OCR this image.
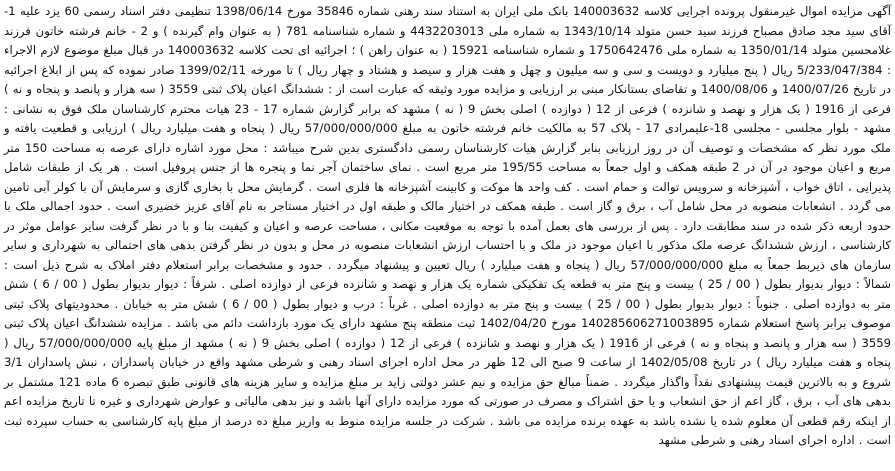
آگهی مزایده اموال غیرمنقول پرونده اجرایی کلاسه 140003632 بانک ملی ایران به استناد سند رهنی شماره 35846 مورخ 1398/06/14 تنظیمی دفتر اسناد رسمی 60 یزد علیه 1- آقای سید مجد صادق مصباح فرزند سید حسن متولد 1343/10/14 به شماره ملی 4432203013 و شماره شناسنامه 781 ( به عنوان وام گیرنده ) و 2 - خانم فرشته خاتون فرزند غلامحسین متولد 1350/01/14 به شماره ملی 1750642476 و شماره شناسنامه 15921 ( به عنوان راهن ) ؛ اجرائیه ای تحت کلاسه 140003632 در قبال مبلغ موضوع لازم الاجراء : 5/233/047/384 ریال ( پنج میلیارد و دویست و سی و سه میلیون و چهل و هفت هزار و سیصد و هشتاد و چهار ریال ) تا مورخه 1399/02/11 صادر نموده که پس از ابلاغ اجرائیه در تاریخ 1400/07/26 و 1400/08/06 و تقاضای بستانکار مبنی بر ارزیابی و مزایده مورد وثیقه که عبارت است از : ششدانگ اعیان پلاک ثبتی 3559 ( سه هزار و پانصد و پنجاه و نه ) فرعی از 1916 ( یک هزار و نهصد و شانزده ) فرعی از 12 ( دوازده ) اصلی بخش 9 ( نه ) مشهد که برابر گزارش شماره 17 - 23 هیات محترم کارشناسان ملک فوق به نشانی : مشهد - بلوار مجلسی - مجلسی 18-علیمرادی 17 - پلاک 57 به مالکیت خانم فرشته خاتون به مبلغ 57/000/000/000 ریال ( پنجاه و هفت میلیارد ریال ) ارزیابی و قطعیت یافته و ملک مورد نظر که مشخصات و توصیف آن در روز ارزیابی بنابر گزارش هیات کارشناسان رسمی دادگستری بدین شرح میباشد : محل مورد اشاره دارای عرصه به مساحت 150 متر مربع و اعیان موجود در آن در 2 طبقه همکف و اول جمعاً به مساحت 195/55 متر مربع است . نمای ساختمان آجر نما و پنجره ها از جنس پروفیل است . هر یک از طبقات شامل پذیرایی ، اتاق خواب ، آشپزخانه و سرویس توالت و حمام است . کف واحد ها موکت و کابینت آشپزخانه ها فلزی است . گرمایش محل با بخاری گازی و سرمایش آن با کولر آبی تامین می گردد . انشعابات منصوبه در محل شامل آب ، برق و گاز است . طبقه همکف در اختیار مالک و طبقه اول در اختیار مستاجر به نام آقای عزیز خضیری است . حدود اجمالی ملک با حدود اربعه ذکر شده در سند مطابقت دارد . پس از بررسی های بعمل آمده با توجه به موقعیت مکانی ، مساحت عرصه و اعیان و کیفیت بنا و با در نظر گرفت سایر عوامل موثر در کارشناسی ، ارزش ششدانگ عرصه ملک مذکور با اعیان موجود در ملک و با احتساب ارزش انشعابات منصوبه در محل و بدون در نظر گرفتن بدهی های احتمالی به شهرداری و سایر سازمان های ذیربط جمعاً به مبلغ 57/000/000/000 ریال ( پنجاه و هفت میلیارد ) ریال تعیین و پیشنهاد میگردد . حدود و مشخصات برابر استعلام دفتر املاک به شرح ذیل است : شمالاً : دیوار بدیوار بطول ( 00 / 25 ) بیست و پنج متر به قطعه یک تفکیکی شماره یک هزار و نهصد و شانزده فرعی از دوازده اصلی . شرقاً : دیوار بدیوار بطول ( 00 / 6 ) شش متر به دوازده اصلی . جنوباً : دیوار بدیوار بطول ( 00 / 25 ) بیست و پنج متر به دوازده اصلی . غرباً : درب و دیوار بطول ( 00 / 6 ) شش متر به خیابان . محدودیتهای پلاک ثبتی موصوف برابر پاسخ استعلام شماره 140285606271003895 مورخ 1402/04/20 ثبت منطقه پنج مشهد دارای یک مورد بازداشت دائم می باشد . مزایده ششدانگ اعیان پلاک ثبتی 3559 ( سه هزار و پانصد و پنجاه و نه ) فرعی از 1916 ( یک هزار و نهصد و شانزده ) فرعی از 12 ( دوازده ) اصلی بخش 9 ( نه ) مشهد از مبلغ پایه 57/000/000/000 ریال ( پنجاه و هفت میلیارد ریال ) در تاریخ 1402/05/08 از ساعت 9 صبح الی 12 ظهر در محل اداره اجرای اسناد رهنی و شرطی مشهد واقع در خیابان پاسداران ، نبش پاسداران 3/1 شروع و به بالاترین قیمت پیشنهادی نقداً واگذار میگردد . ضمناً مبالغ حق مزایده و نیم عشر دولتی زاید بر مبلغ مزایده و سایر هزینه های قانونی طبق تبصره 6 ماده 121 مشتمل بر بدهی های آب ، برق ، گاز اعم از حق انشعاب و یا حق اشتراک و مصرف در صورتی که مورد مزایده دارای آنها باشد و نیز بدهی مالیاتی و عوارض شهرداری و غیره تا تاریخ مزایده اعم از اینکه رقم قطعی آن معلوم شده یا نشده باشد به عهده برنده مزایده می باشد . شرکت در جلسه مزایده منوط به واریز مبلغ ده درصد از مبلغ پایه کارشناسی به حساب سپرده ثبت است . اداره اجرای اسناد رهنی و شرطی مشهد
